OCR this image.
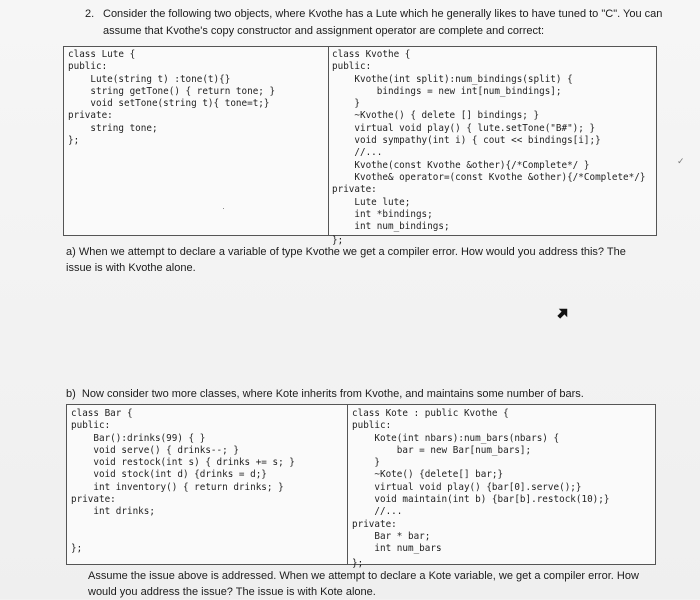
2. Consider the following two objects, where Kvothe has a Lute which he generally likes to have tuned to "C". You can assume that Kvothe's copy constructor and assignment operator are complete and correct:
class Lute {
public:
Lute(string t) :tone(t){}
string getTone() { return tone; }
void setTone(string t){ tone=t;}
private:
string tone;
};
class Kvothe {
public:
Kvothe(int split):num_bindings(split) {
bindings = new int[num_bindings];
}
~Kvothe() { delete [] bindings; }
virtual void play() { lute.setTone("B#"); }
void sympathy(int i) { cout << bindings[i];}
//...
Kvothe(const Kvothe &other){/*Complete*/ }
Kvothe& operator=(const Kvothe &other){/*Complete*/}
private:
Lute lute;
int *bindings;
int num_bindings;
};
·
✓
a) When we attempt to declare a variable of type Kvothe we get a compiler error. How would you address this? The
issue is with Kvothe alone.
b)  Now consider two more classes, where Kote inherits from Kvothe, and maintains some number of bars.
class Bar {
public:
Bar():drinks(99) { }
void serve() { drinks--; }
void restock(int s) { drinks += s; }
void stock(int d) {drinks = d;}
int inventory() { return drinks; }
private:
int drinks;

};
class Kote : public Kvothe {
public:
Kote(int nbars):num_bars(nbars) {
bar = new Bar[num_bars];
}
~Kote() {delete[] bar;}
virtual void play() {bar[0].serve();}
void maintain(int b) {bar[b].restock(10);}
//...
private:
Bar * bar;
int num_bars
};
Assume the issue above is addressed. When we attempt to declare a Kote variable, we get a compiler error. How
would you address the issue? The issue is with Kote alone.
